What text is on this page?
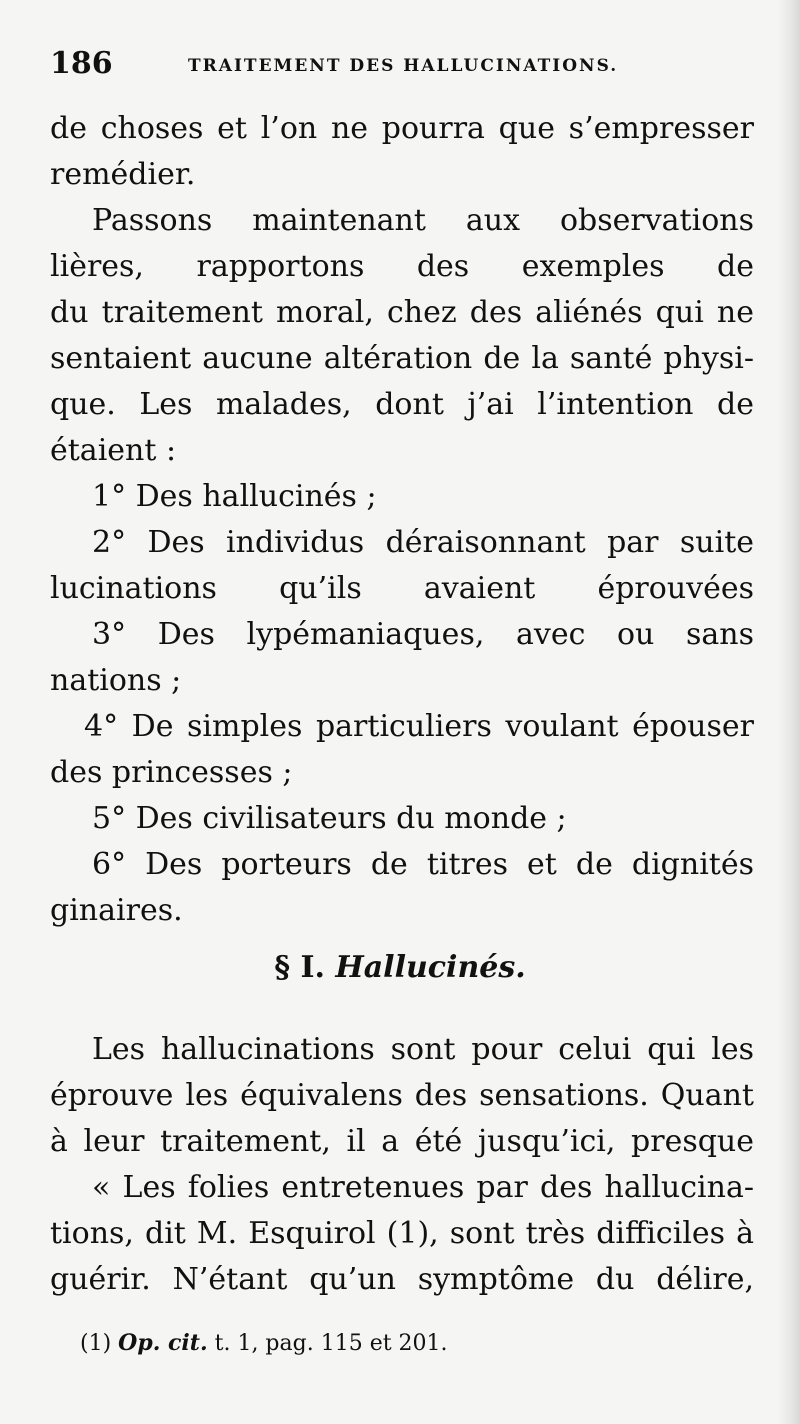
186	TRAITEMENT DES HALLUCINATIONS.
de choses et l’on ne pourra que s’empresser
remédier.
Passons maintenant aux observations
lières, rapportons des exemples de
du traitement moral, chez des aliénés qui ne
sentaient aucune altération de la santé physi-
que. Les malades, dont j’ai l’intention de
étaient :
1° Des hallucinés ;
2° Des individus déraisonnant par suite
lucinations qu’ils avaient éprouvées
3° Des lypémaniaques, avec ou sans
nations ;
4° De simples particuliers voulant épouser
des princesses ;
5° Des civilisateurs du monde ;
6° Des porteurs de titres et de dignités
ginaires.
§ I. Hallucinés.
Les hallucinations sont pour celui qui les
éprouve les équivalens des sensations. Quant
à leur traitement, il a été jusqu’ici, presque
« Les folies entretenues par des hallucina-
tions, dit M. Esquirol (1), sont très difficiles à
guérir. N’étant qu’un symptôme du délire,
(1) Op. cit. t. 1, pag. 115 et 201.
